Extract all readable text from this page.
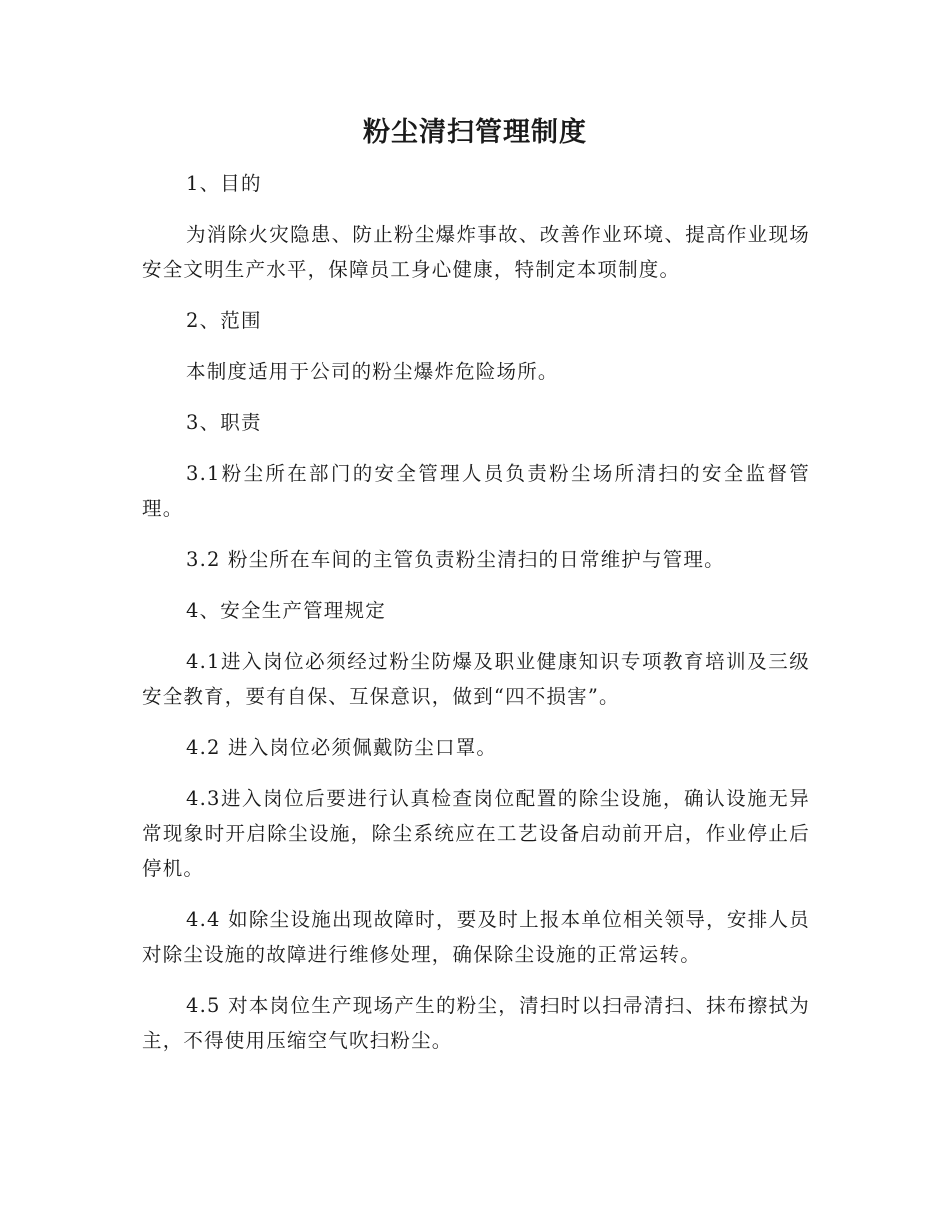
粉尘清扫管理制度

1、目的

为消除火灾隐患、防止粉尘爆炸事故、改善作业环境、提高作业现场安全文明生产水平，保障员工身心健康，特制定本项制度。

2、范围

本制度适用于公司的粉尘爆炸危险场所。

3、职责

3.1粉尘所在部门的安全管理人员负责粉尘场所清扫的安全监督管理。

3.2 粉尘所在车间的主管负责粉尘清扫的日常维护与管理。

4、安全生产管理规定

4.1进入岗位必须经过粉尘防爆及职业健康知识专项教育培训及三级安全教育，要有自保、互保意识，做到“四不损害”。

4.2 进入岗位必须佩戴防尘口罩。

4.3进入岗位后要进行认真检查岗位配置的除尘设施，确认设施无异常现象时开启除尘设施，除尘系统应在工艺设备启动前开启，作业停止后停机。

4.4 如除尘设施出现故障时，要及时上报本单位相关领导，安排人员对除尘设施的故障进行维修处理，确保除尘设施的正常运转。

4.5 对本岗位生产现场产生的粉尘，清扫时以扫帚清扫、抹布擦拭为主，不得使用压缩空气吹扫粉尘。
